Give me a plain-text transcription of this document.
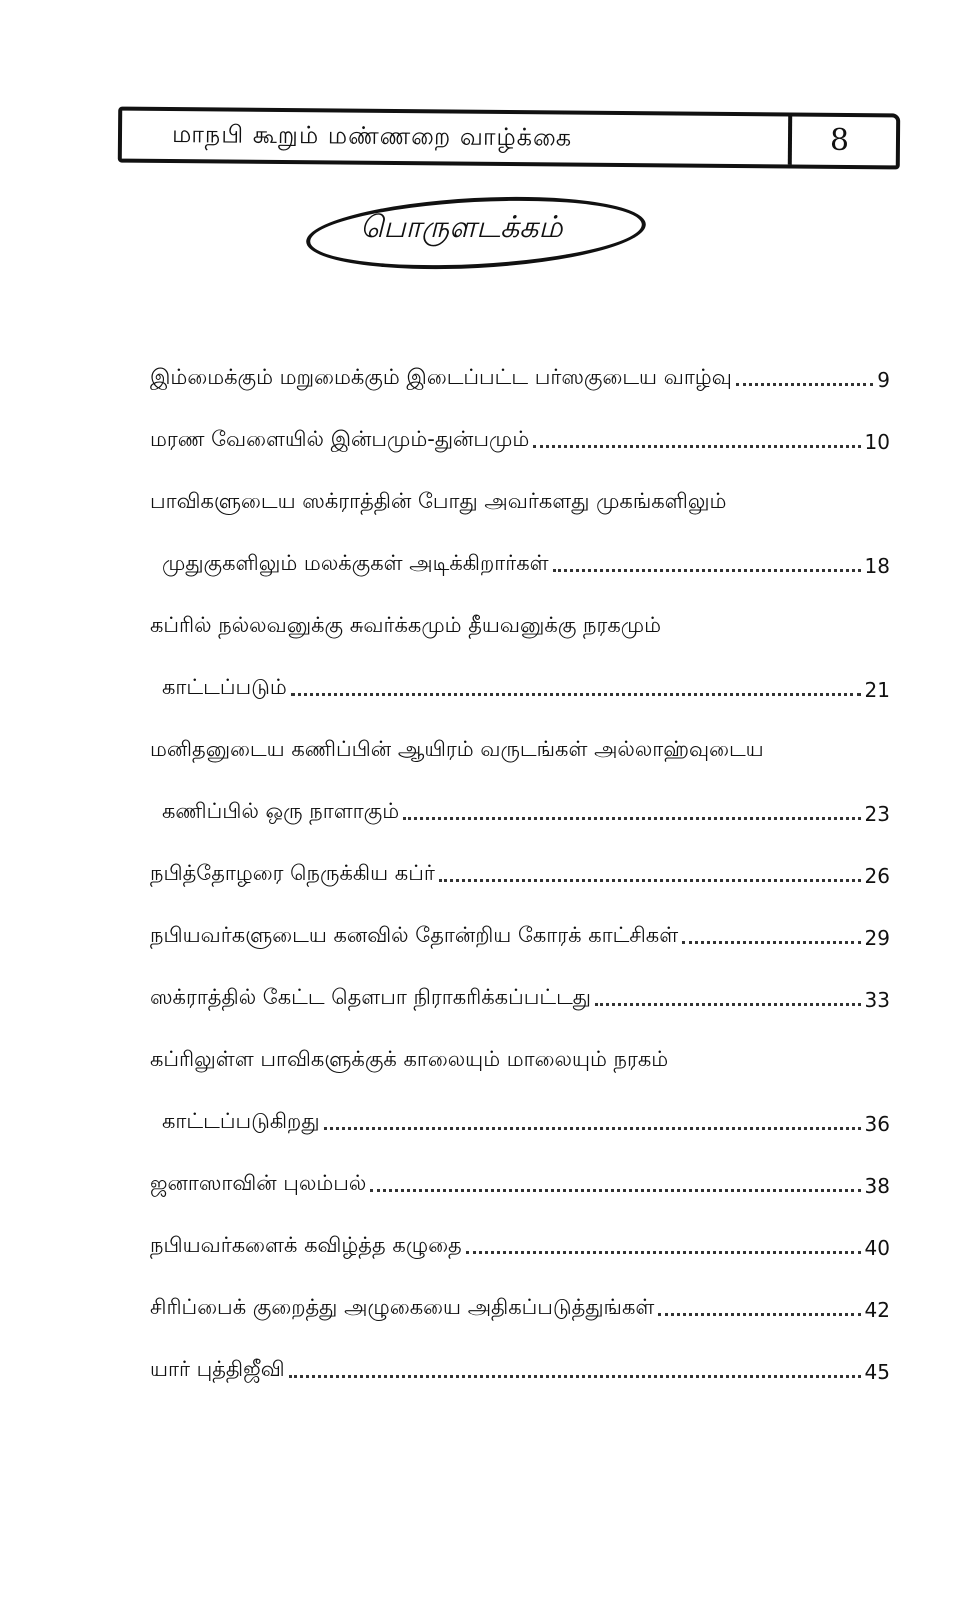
மாநபி கூறும் மண்ணறை வாழ்க்கை	8
பொருளடக்கம்
இம்மைக்கும் மறுமைக்கும் இடைப்பட்ட பர்ஸகுடைய வாழ்வு	9
மரண வேளையில் இன்பமும்-துன்பமும்	10
பாவிகளுடைய ஸக்ராத்தின் போது அவர்களது முகங்களிலும்
முதுகுகளிலும் மலக்குகள் அடிக்கிறார்கள்	18
கப்ரில் நல்லவனுக்கு சுவர்க்கமும் தீயவனுக்கு நரகமும்
காட்டப்படும்	21
மனிதனுடைய கணிப்பின் ஆயிரம் வருடங்கள் அல்லாஹ்வுடைய
கணிப்பில் ஒரு நாளாகும்	23
நபித்தோழரை நெருக்கிய கப்ர்	26
நபியவர்களுடைய கனவில் தோன்றிய கோரக் காட்சிகள்	29
ஸக்ராத்தில் கேட்ட தௌபா நிராகரிக்கப்பட்டது	33
கப்ரிலுள்ள பாவிகளுக்குக் காலையும் மாலையும் நரகம்
காட்டப்படுகிறது	36
ஜனாஸாவின் புலம்பல்	38
நபியவர்களைக் கவிழ்த்த கழுதை	40
சிரிப்பைக் குறைத்து அழுகையை அதிகப்படுத்துங்கள்	42
யார் புத்திஜீவி	45
